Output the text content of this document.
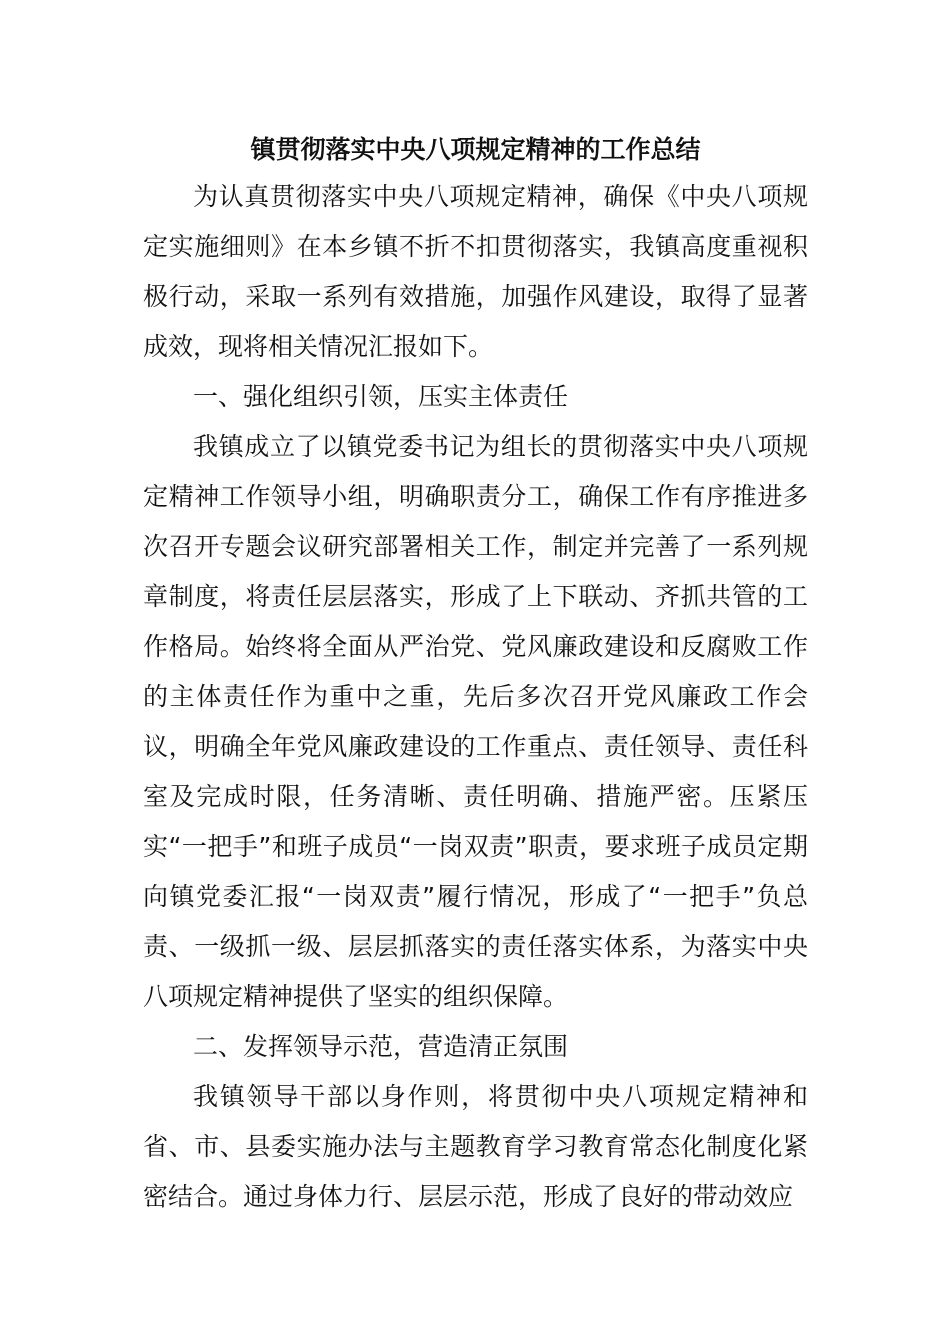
镇贯彻落实中央八项规定精神的工作总结

为认真贯彻落实中央八项规定精神，确保《中央八项规定实施细则》在本乡镇不折不扣贯彻落实，我镇高度重视积极行动，采取一系列有效措施，加强作风建设，取得了显著成效，现将相关情况汇报如下。

一、强化组织引领，压实主体责任

我镇成立了以镇党委书记为组长的贯彻落实中央八项规定精神工作领导小组，明确职责分工，确保工作有序推进多次召开专题会议研究部署相关工作，制定并完善了一系列规章制度，将责任层层落实，形成了上下联动、齐抓共管的工作格局。始终将全面从严治党、党风廉政建设和反腐败工作的主体责任作为重中之重，先后多次召开党风廉政工作会议，明确全年党风廉政建设的工作重点、责任领导、责任科室及完成时限，任务清晰、责任明确、措施严密。压紧压实“一把手”和班子成员“一岗双责”职责，要求班子成员定期向镇党委汇报“一岗双责”履行情况，形成了“一把手”负总责、一级抓一级、层层抓落实的责任落实体系，为落实中央八项规定精神提供了坚实的组织保障。

二、发挥领导示范，营造清正氛围

我镇领导干部以身作则，将贯彻中央八项规定精神和省、市、县委实施办法与主题教育学习教育常态化制度化紧密结合。通过身体力行、层层示范，形成了良好的带动效应
